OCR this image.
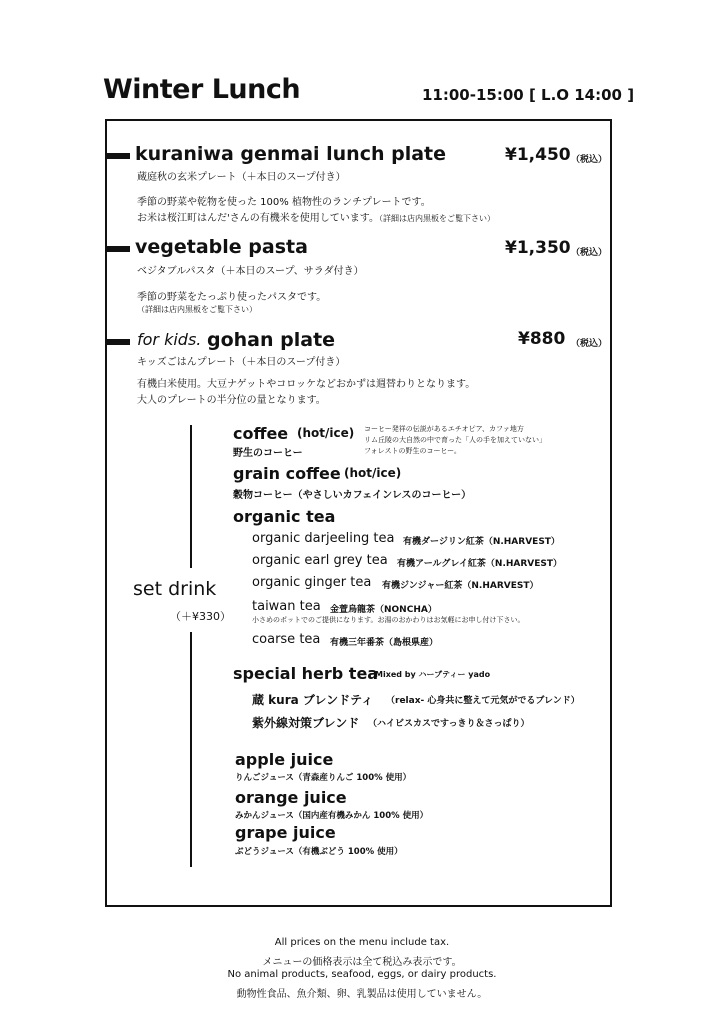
Winter Lunch	11:00-15:00 [ L.O 14:00 ]
kuraniwa genmai lunch plate	¥1,450 （税込）
蔵庭秋の玄米プレート（＋本日のスープ付き）
季節の野菜や乾物を使った 100% 植物性のランチプレートです。
お米は桜江町はんだ'さんの有機米を使用しています。（詳細は店内黒板をご覧下さい）
vegetable pasta	¥1,350 （税込）
ベジタブルパスタ（＋本日のスープ、サラダ付き）
季節の野菜をたっぷり使ったパスタです。
（詳細は店内黒板をご覧下さい）
for kids. gohan plate	¥880 （税込）
キッズごはんプレート（＋本日のスープ付き）
有機白米使用。大豆ナゲットやコロッケなどおかずは週替わりとなります。
大人のプレートの半分位の量となります。
set drink
（＋¥330）
coffee (hot/ice)
野生のコーヒー
コーヒー発祥の伝説があるエチオピア、カファ地方
リム丘陵の大自然の中で育った「人の手を加えていない」
フォレストの野生のコーヒー。
grain coffee (hot/ice)
穀物コーヒー（やさしいカフェインレスのコーヒー）
organic tea
organic darjeeling tea 有機ダージリン紅茶（N.HARVEST）
organic earl grey tea 有機アールグレイ紅茶（N.HARVEST）
organic ginger tea 有機ジンジャー紅茶（N.HARVEST）
taiwan tea 金萱烏龍茶（NONCHA）
小さめのポットでのご提供になります。お湯のおかわりはお気軽にお申し付け下さい。
coarse tea 有機三年番茶（島根県産）
special herb tea
Mixed by ハーブティー yado
蔵 kura ブレンドティ （relax- 心身共に整えて元気がでるブレンド）
紫外線対策ブレンド （ハイビスカスですっきり＆さっぱり）
apple juice
りんごジュース（青森産りんご 100% 使用）
orange juice
みかんジュース（国内産有機みかん 100% 使用）
grape juice
ぶどうジュース（有機ぶどう 100% 使用）
All prices on the menu include tax.
メニューの価格表示は全て税込み表示です。
No animal products, seafood, eggs, or dairy products.
動物性食品、魚介類、卵、乳製品は使用していません。
